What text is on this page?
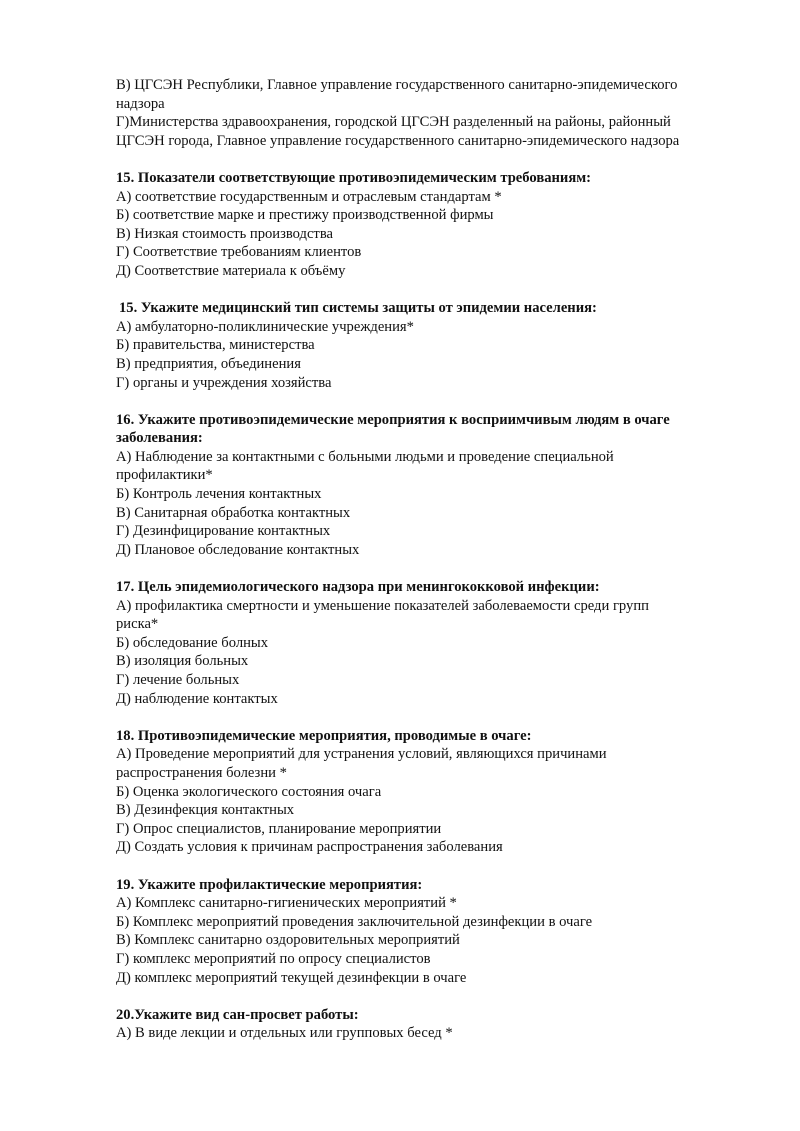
В) ЦГСЭН Республики, Главное управление государственного санитарно-эпидемического

надзора

Г)Министерства здравоохранения, городской ЦГСЭН разделенный на районы, районный

ЦГСЭН города, Главное управление государственного санитарно-эпидемического надзора

15. Показатели соответствующие противоэпидемическим требованиям:

А) соответствие государственным и отраслевым стандартам *

Б) соответствие марке и престижу производственной фирмы

В) Низкая стоимость производства

Г) Соответствие требованиям клиентов

Д) Соответствие материала к объёму

15. Укажите медицинский тип системы защиты от эпидемии населения:

А) амбулаторно-поликлинические учреждения*

Б) правительства, министерства

В) предприятия, объединения

Г) органы и учреждения хозяйства

16. Укажите противоэпидемические мероприятия к восприимчивым людям в очаге

заболевания:

А) Наблюдение за контактными с больными людьми и проведение специальной

профилактики*

Б) Контроль лечения контактных

В) Санитарная обработка контактных

Г) Дезинфицирование контактных

Д) Плановое обследование контактных

17. Цель эпидемиологического надзора при менингококковой инфекции:

А) профилактика смертности и уменьшение показателей заболеваемости среди групп

риска*

Б) обследование болных

В) изоляция больных

Г) лечение больных

Д) наблюдение контактых

18. Противоэпидемические мероприятия, проводимые в очаге:

А) Проведение мероприятий для устранения условий, являющихся причинами

распространения болезни *

Б) Оценка экологического состояния очага

В) Дезинфекция контактных

Г) Опрос специалистов, планирование мероприятии

Д) Создать условия к причинам распространения заболевания

19. Укажите профилактические мероприятия:

А) Комплекс санитарно-гигиенических мероприятий *

Б) Комплекс мероприятий проведения заключительной дезинфекции в очаге

В) Комплекс санитарно оздоровительных мероприятий

Г) комплекс мероприятий по опросу специалистов

Д) комплекс мероприятий текущей дезинфекции в очаге

20.Укажите вид сан-просвет работы:

А) В виде лекции и отдельных или групповых бесед *
